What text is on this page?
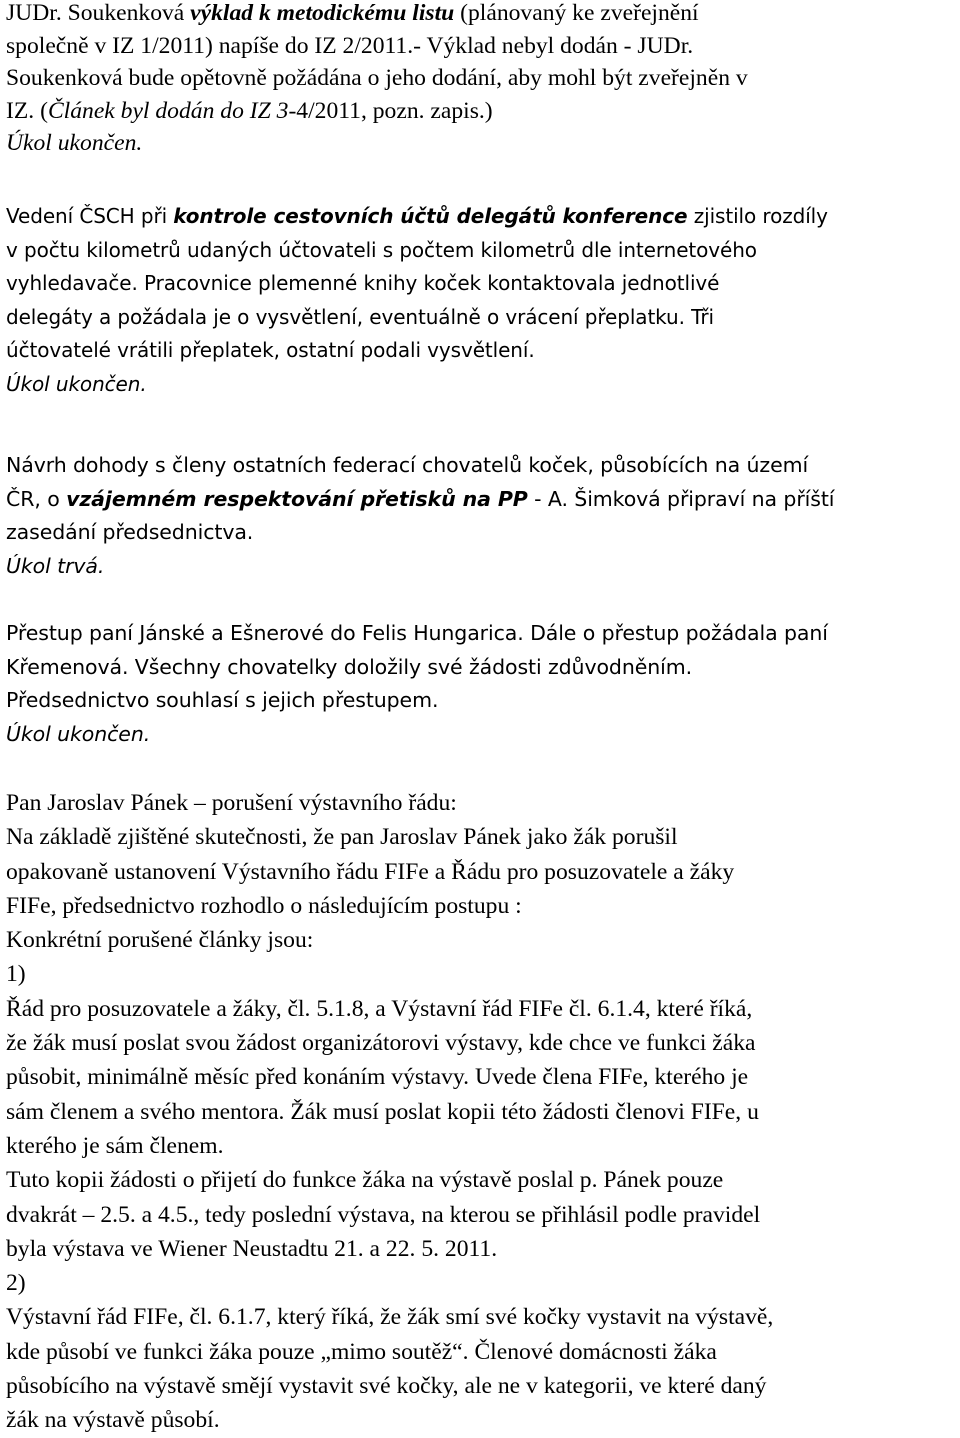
JUDr. Soukenková výklad k metodickému listu (plánovaný ke zveřejnění
společně v IZ 1/2011) napíše do IZ 2/2011.- Výklad nebyl dodán - JUDr.
Soukenková bude opětovně požádána o jeho dodání, aby mohl být zveřejněn v
IZ. (Článek byl dodán do IZ 3-4/2011, pozn. zapis.)
Úkol ukončen.
Vedení ČSCH při kontrole cestovních účtů delegátů konference zjistilo rozdíly
v počtu kilometrů udaných účtovateli s počtem kilometrů dle internetového
vyhledavače. Pracovnice plemenné knihy koček kontaktovala jednotlivé
delegáty a požádala je o vysvětlení, eventuálně o vrácení přeplatku. Tři
účtovatelé vrátili přeplatek, ostatní podali vysvětlení.
Úkol ukončen.
Návrh dohody s členy ostatních federací chovatelů koček, působících na území
ČR, o vzájemném respektování přetisků na PP - A. Šimková připraví na příští
zasedání předsednictva.
Úkol trvá.
Přestup paní Jánské a Ešnerové do Felis Hungarica. Dále o přestup požádala paní
Křemenová. Všechny chovatelky doložily své žádosti zdůvodněním.
Předsednictvo souhlasí s jejich přestupem.
Úkol ukončen.
Pan Jaroslav Pánek – porušení výstavního řádu:
Na základě zjištěné skutečnosti, že pan Jaroslav Pánek jako žák porušil
opakovaně ustanovení Výstavního řádu FIFe a Řádu pro posuzovatele a žáky
FIFe, předsednictvo rozhodlo o následujícím postupu :
Konkrétní porušené články jsou:
1)
Řád pro posuzovatele a žáky, čl. 5.1.8, a Výstavní řád FIFe čl. 6.1.4, které říká,
že žák musí poslat svou žádost organizátorovi výstavy, kde chce ve funkci žáka
působit, minimálně měsíc před konáním výstavy. Uvede člena FIFe, kterého je
sám členem a svého mentora. Žák musí poslat kopii této žádosti členovi FIFe, u
kterého je sám členem.
Tuto kopii žádosti o přijetí do funkce žáka na výstavě poslal p. Pánek pouze
dvakrát – 2.5. a 4.5., tedy poslední výstava, na kterou se přihlásil podle pravidel
byla výstava ve Wiener Neustadtu 21. a 22. 5. 2011.
2)
Výstavní řád FIFe, čl. 6.1.7, který říká, že žák smí své kočky vystavit na výstavě,
kde působí ve funkci žáka pouze „mimo soutěž“. Členové domácnosti žáka
působícího na výstavě smějí vystavit své kočky, ale ne v kategorii, ve které daný
žák na výstavě působí.
